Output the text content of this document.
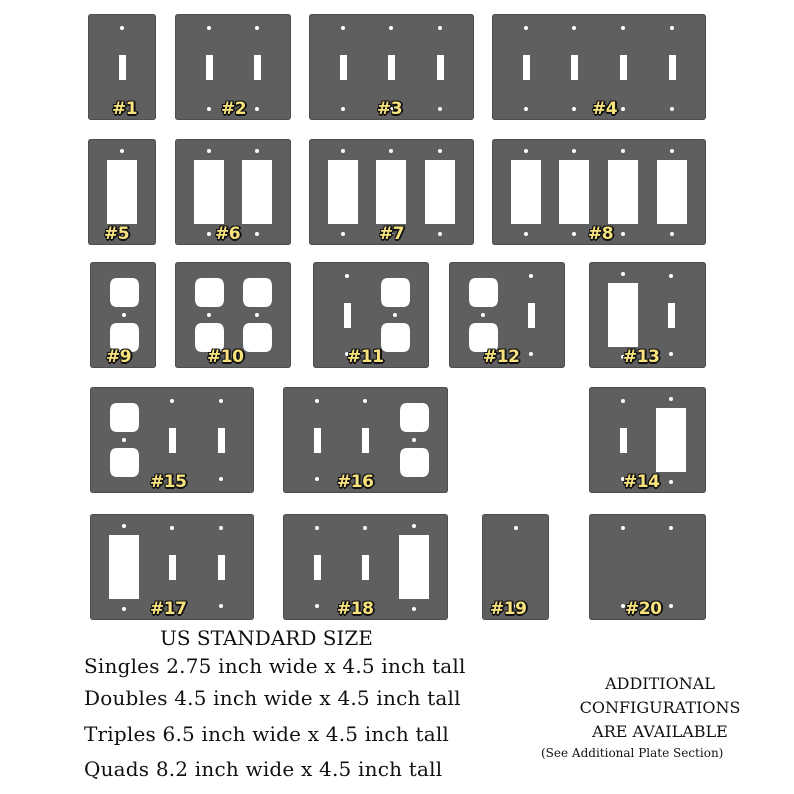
#1	#2	#3	#4
#5	#6	#7	#8
#9	#10	#11	#12	#13
#15	#16	#14
#17	#18	#19	#20
US STANDARD SIZE
Singles 2.75 inch wide x 4.5 inch tall
Doubles 4.5 inch wide x 4.5 inch tall
Triples 6.5 inch wide x 4.5 inch tall
Quads 8.2 inch wide x 4.5 inch tall
ADDITIONAL
CONFIGURATIONS
ARE AVAILABLE
(See Additional Plate Section)
